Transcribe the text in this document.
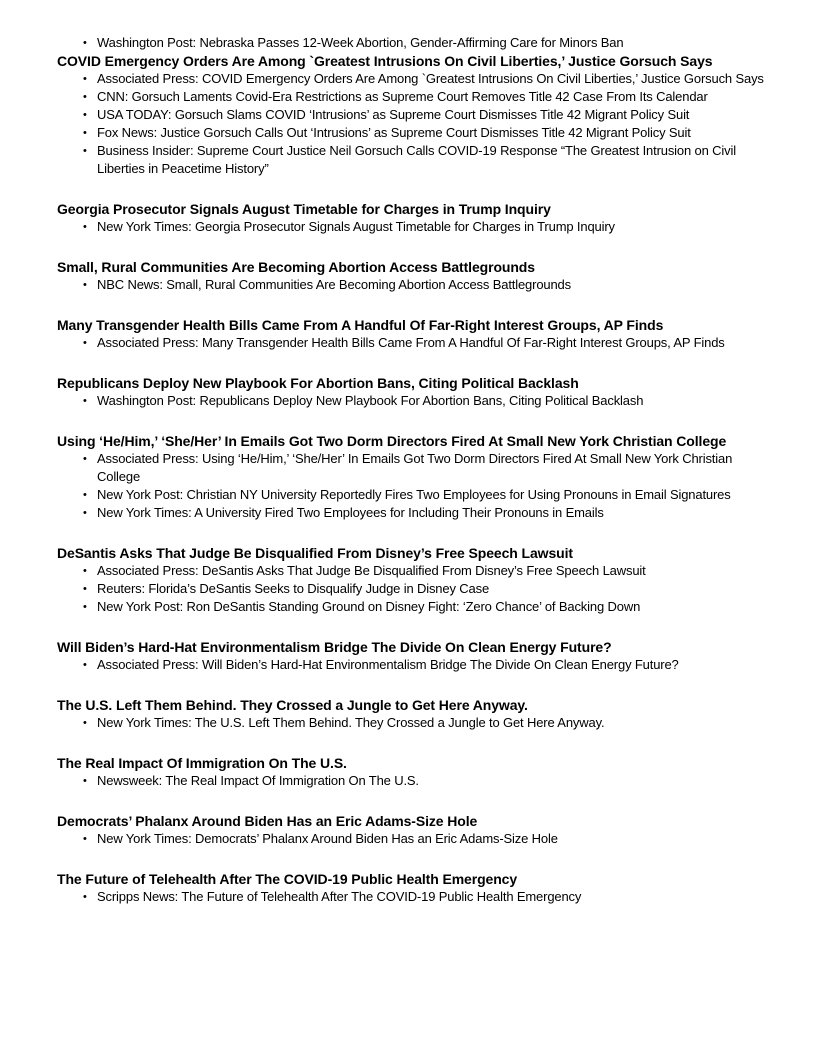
• Washington Post: Nebraska Passes 12-Week Abortion, Gender-Affirming Care for Minors Ban
COVID Emergency Orders Are Among `Greatest Intrusions On Civil Liberties,’ Justice Gorsuch Says
• Associated Press: COVID Emergency Orders Are Among `Greatest Intrusions On Civil Liberties,’ Justice Gorsuch Says
• CNN: Gorsuch Laments Covid-Era Restrictions as Supreme Court Removes Title 42 Case From Its Calendar
• USA TODAY: Gorsuch Slams COVID ‘Intrusions’ as Supreme Court Dismisses Title 42 Migrant Policy Suit
• Fox News: Justice Gorsuch Calls Out ‘Intrusions’ as Supreme Court Dismisses Title 42 Migrant Policy Suit
• Business Insider: Supreme Court Justice Neil Gorsuch Calls COVID-19 Response “The Greatest Intrusion on Civil Liberties in Peacetime History”
Georgia Prosecutor Signals August Timetable for Charges in Trump Inquiry
• New York Times: Georgia Prosecutor Signals August Timetable for Charges in Trump Inquiry
Small, Rural Communities Are Becoming Abortion Access Battlegrounds
• NBC News: Small, Rural Communities Are Becoming Abortion Access Battlegrounds
Many Transgender Health Bills Came From A Handful Of Far-Right Interest Groups, AP Finds
• Associated Press: Many Transgender Health Bills Came From A Handful Of Far-Right Interest Groups, AP Finds
Republicans Deploy New Playbook For Abortion Bans, Citing Political Backlash
• Washington Post: Republicans Deploy New Playbook For Abortion Bans, Citing Political Backlash
Using ‘He/Him,’ ‘She/Her’ In Emails Got Two Dorm Directors Fired At Small New York Christian College
• Associated Press: Using ‘He/Him,’ ‘She/Her’ In Emails Got Two Dorm Directors Fired At Small New York Christian College
• New York Post: Christian NY University Reportedly Fires Two Employees for Using Pronouns in Email Signatures
• New York Times: A University Fired Two Employees for Including Their Pronouns in Emails
DeSantis Asks That Judge Be Disqualified From Disney’s Free Speech Lawsuit
• Associated Press: DeSantis Asks That Judge Be Disqualified From Disney’s Free Speech Lawsuit
• Reuters: Florida’s DeSantis Seeks to Disqualify Judge in Disney Case
• New York Post: Ron DeSantis Standing Ground on Disney Fight: ‘Zero Chance’ of Backing Down
Will Biden’s Hard-Hat Environmentalism Bridge The Divide On Clean Energy Future?
• Associated Press: Will Biden’s Hard-Hat Environmentalism Bridge The Divide On Clean Energy Future?
The U.S. Left Them Behind. They Crossed a Jungle to Get Here Anyway.
• New York Times: The U.S. Left Them Behind. They Crossed a Jungle to Get Here Anyway.
The Real Impact Of Immigration On The U.S.
• Newsweek: The Real Impact Of Immigration On The U.S.
Democrats’ Phalanx Around Biden Has an Eric Adams-Size Hole
• New York Times: Democrats’ Phalanx Around Biden Has an Eric Adams-Size Hole
The Future of Telehealth After The COVID-19 Public Health Emergency
• Scripps News: The Future of Telehealth After The COVID-19 Public Health Emergency
